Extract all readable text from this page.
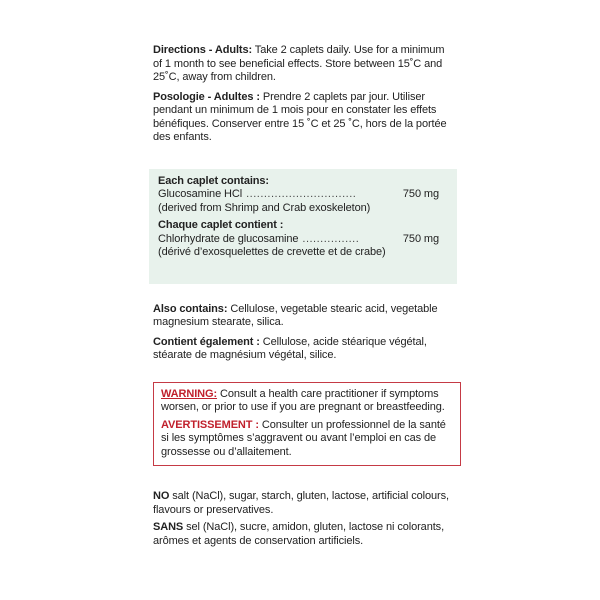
Directions - Adults: Take 2 caplets daily. Use for a minimum of 1 month to see beneficial effects. Store between 15˚C and 25˚C, away from children.

Posologie - Adultes : Prendre 2 caplets par jour. Utiliser pendant un minimum de 1 mois pour en constater les effets bénéfiques. Conserver entre 15 ˚C et 25 ˚C, hors de la portée des enfants.

Each caplet contains:
Glucosamine HCl ...............................	750 mg
(derived from Shrimp and Crab exoskeleton)
Chaque caplet contient :
Chlorhydrate de glucosamine ................	750 mg
(dérivé d’exosquelettes de crevette et de crabe)

Also contains: Cellulose, vegetable stearic acid, vegetable magnesium stearate, silica.

Contient également : Cellulose, acide stéarique végétal, stéarate de magnésium végétal, silice.

WARNING: Consult a health care practitioner if symptoms worsen, or prior to use if you are pregnant or breastfeeding.

AVERTISSEMENT : Consulter un professionnel de la santé si les symptômes s’aggravent ou avant l’emploi en cas de grossesse ou d’allaitement.

NO salt (NaCl), sugar, starch, gluten, lactose, artificial colours, flavours or preservatives.

SANS sel (NaCl), sucre, amidon, gluten, lactose ni colorants, arômes et agents de conservation artificiels.
